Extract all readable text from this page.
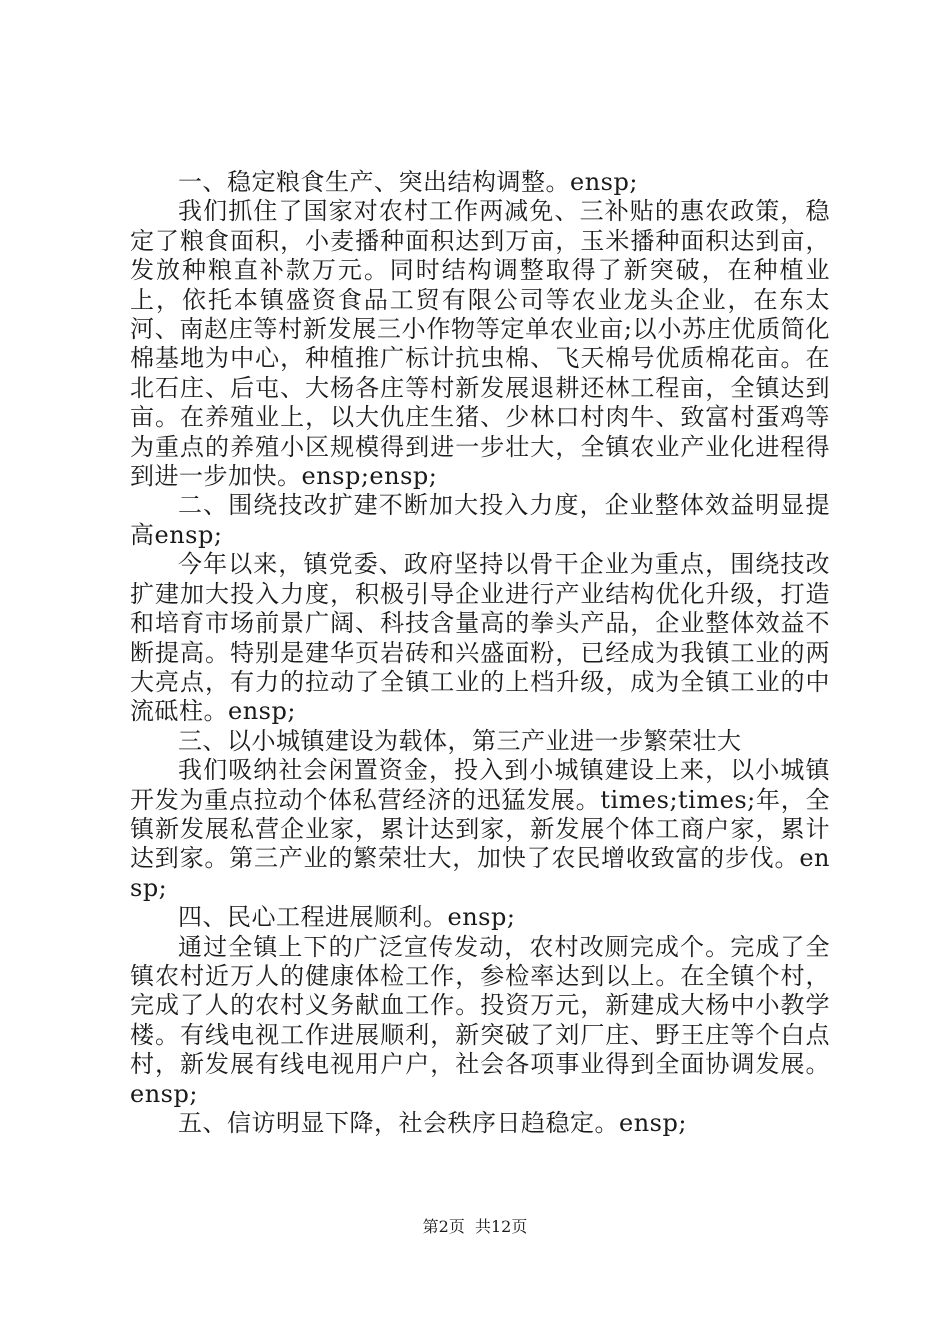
一、稳定粮食生产、突出结构调整。ensp;

我们抓住了国家对农村工作两减免、三补贴的惠农政策，稳定了粮食面积，小麦播种面积达到万亩，玉米播种面积达到亩，发放种粮直补款万元。同时结构调整取得了新突破，在种植业上，依托本镇盛资食品工贸有限公司等农业龙头企业，在东太河、南赵庄等村新发展三小作物等定单农业亩;以小苏庄优质简化棉基地为中心，种植推广标计抗虫棉、飞天棉号优质棉花亩。在北石庄、后屯、大杨各庄等村新发展退耕还林工程亩，全镇达到亩。在养殖业上，以大仇庄生猪、少林口村肉牛、致富村蛋鸡等为重点的养殖小区规模得到进一步壮大，全镇农业产业化进程得到进一步加快。ensp;ensp;

二、围绕技改扩建不断加大投入力度，企业整体效益明显提高ensp;

今年以来，镇党委、政府坚持以骨干企业为重点，围绕技改扩建加大投入力度，积极引导企业进行产业结构优化升级，打造和培育市场前景广阔、科技含量高的拳头产品，企业整体效益不断提高。特别是建华页岩砖和兴盛面粉，已经成为我镇工业的两大亮点，有力的拉动了全镇工业的上档升级，成为全镇工业的中流砥柱。ensp;

三、以小城镇建设为载体，第三产业进一步繁荣壮大

我们吸纳社会闲置资金，投入到小城镇建设上来，以小城镇开发为重点拉动个体私营经济的迅猛发展。times;times;年，全镇新发展私营企业家，累计达到家，新发展个体工商户家，累计达到家。第三产业的繁荣壮大，加快了农民增收致富的步伐。ensp;

四、民心工程进展顺利。ensp;

通过全镇上下的广泛宣传发动，农村改厕完成个。完成了全镇农村近万人的健康体检工作，参检率达到以上。在全镇个村，完成了人的农村义务献血工作。投资万元，新建成大杨中小教学楼。有线电视工作进展顺利，新突破了刘厂庄、野王庄等个白点村，新发展有线电视用户户，社会各项事业得到全面协调发展。ensp;

五、信访明显下降，社会秩序日趋稳定。ensp;

第2页  共12页
